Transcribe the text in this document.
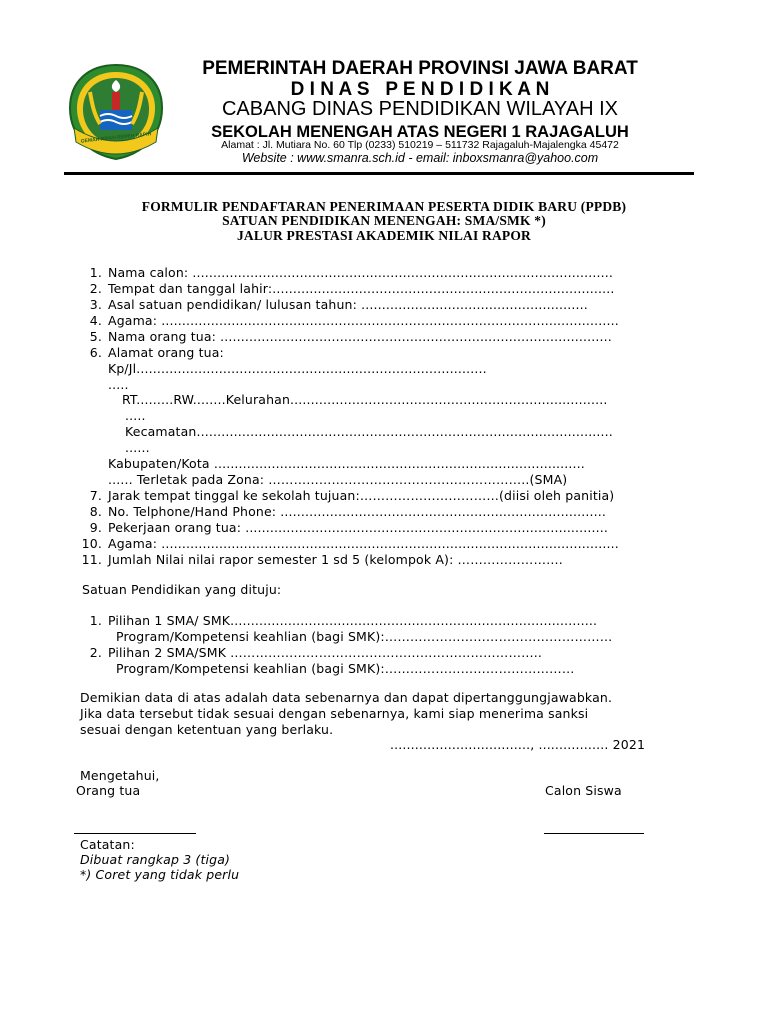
GEMAH RIPAH REPEH RAPIH
PEMERINTAH DAERAH PROVINSI JAWA BARAT
D I N A S   P E N D I D I K A N
CABANG DINAS PENDIDIKAN WILAYAH IX
SEKOLAH MENENGAH ATAS NEGERI 1 RAJAGALUH
Alamat : Jl. Mutiara No. 60 Tlp (0233) 510219 – 511732 Rajagaluh-Majalengka 45472
Website : www.smanra.sch.id - email: inboxsmanra@yahoo.com
FORMULIR PENDAFTARAN PENERIMAAN PESERTA DIDIK BARU (PPDB)
SATUAN PENDIDIKAN MENENGAH: SMA/SMK *)
JALUR PRESTASI AKADEMIK NILAI RAPOR
1. Nama calon: ......................................................................................................
2. Tempat dan tanggal lahir:...................................................................................
3. Asal satuan pendidikan/ lulusan tahun: .......................................................
4. Agama: ...............................................................................................................
5. Nama orang tua: ...............................................................................................
6. Alamat orang tua:
Kp/Jl.....................................................................................
.....
RT.........RW........Kelurahan.............................................................................
.....
Kecamatan.....................................................................................................
......
Kabupaten/Kota ..........................................................................................
...... Terletak pada Zona: ……………………………………………………..(SMA)
7. Jarak tempat tinggal ke sekolah tujuan:……………………………(diisi oleh panitia)
8. No. Telphone/Hand Phone: ...............................................................................
9. Pekerjaan orang tua: ........................................................................................
10. Agama: ...............................................................................................................
11. Jumlah Nilai nilai rapor semester 1 sd 5 (kelompok A): …………………….
Satuan Pendidikan yang dituju:
1. Pilihan 1 SMA/ SMK.........................................................................................
Program/Kompetensi keahlian (bagi SMK):………………………………………………
2. Pilihan 2 SMA/SMK ………………………………………………………………..
Program/Kompetensi keahlian (bagi SMK):………………………………………
Demikian data di atas adalah data sebenarnya dan dapat dipertanggungjawabkan.
Jika data tersebut tidak sesuai dengan sebenarnya, kami siap menerima sanksi
sesuai dengan ketentuan yang berlaku.
.................................., ................. 2021
Mengetahui,
Orang tua	Calon Siswa
Catatan:
Dibuat rangkap 3 (tiga)
*) Coret yang tidak perlu
